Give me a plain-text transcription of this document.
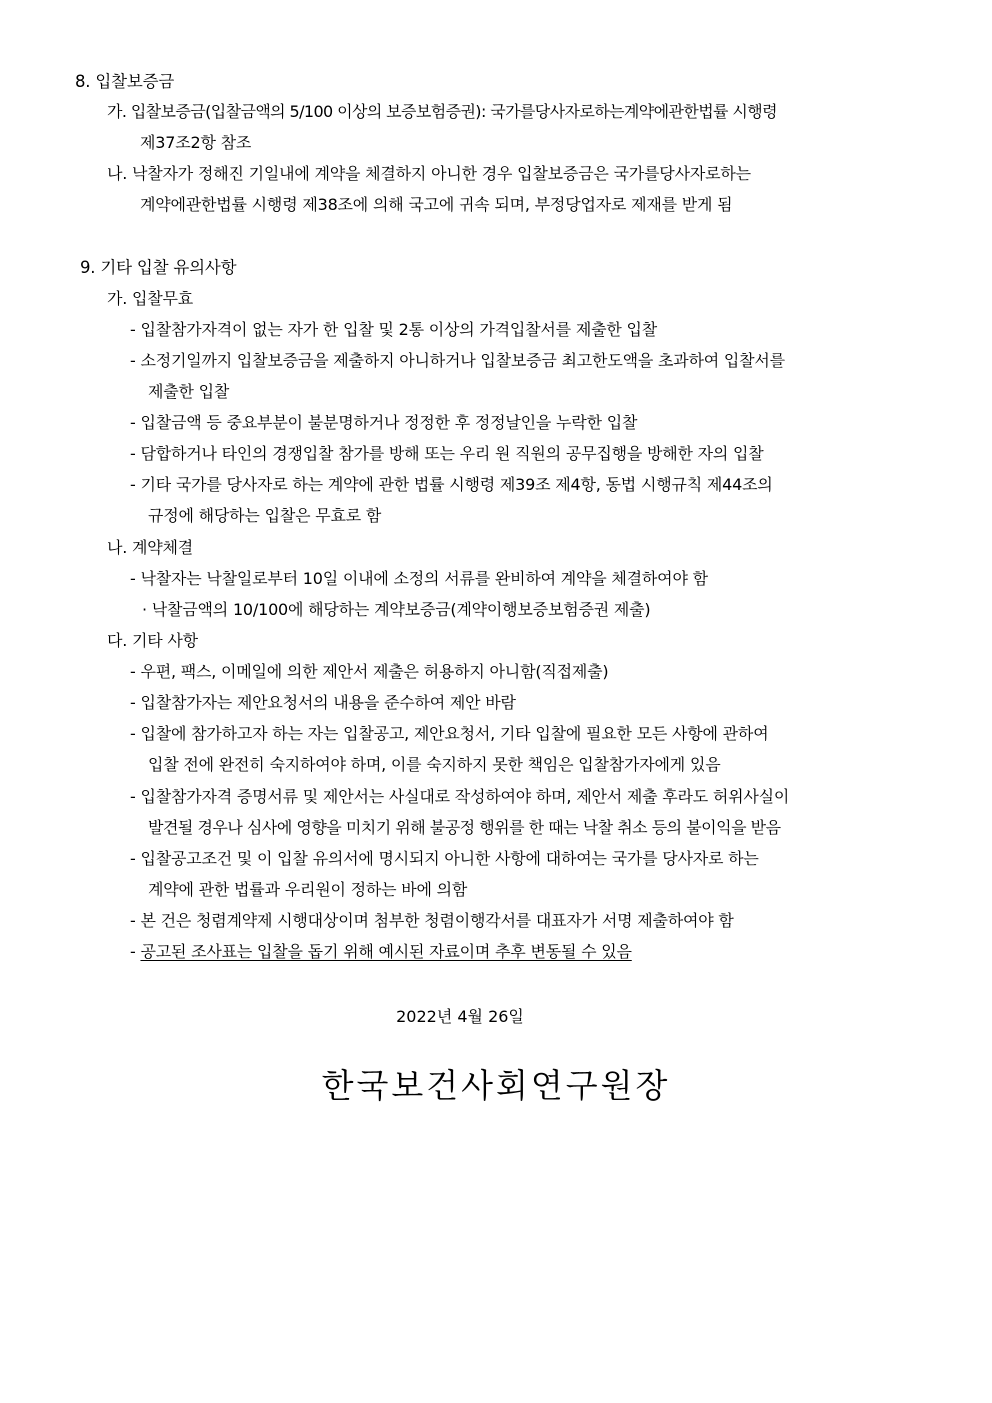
8. 입찰보증금
가. 입찰보증금(입찰금액의 5/100 이상의 보증보험증권): 국가를당사자로하는계약에관한법률 시행령
제37조2항 참조
나. 낙찰자가 정해진 기일내에 계약을 체결하지 아니한 경우 입찰보증금은 국가를당사자로하는
계약에관한법률 시행령 제38조에 의해 국고에 귀속 되며, 부정당업자로 제재를 받게 됨
9. 기타 입찰 유의사항
가. 입찰무효
- 입찰참가자격이 없는 자가 한 입찰 및 2통 이상의 가격입찰서를 제출한 입찰
- 소정기일까지 입찰보증금을 제출하지 아니하거나 입찰보증금 최고한도액을 초과하여 입찰서를
제출한 입찰
- 입찰금액 등 중요부분이 불분명하거나 정정한 후 정정날인을 누락한 입찰
- 담합하거나 타인의 경쟁입찰 참가를 방해 또는 우리 원 직원의 공무집행을 방해한 자의 입찰
- 기타 국가를 당사자로 하는 계약에 관한 법률 시행령 제39조 제4항, 동법 시행규칙 제44조의
규정에 해당하는 입찰은 무효로 함
나. 계약체결
- 낙찰자는 낙찰일로부터 10일 이내에 소정의 서류를 완비하여 계약을 체결하여야 함
· 낙찰금액의 10/100에 해당하는 계약보증금(계약이행보증보험증권 제출)
다. 기타 사항
- 우편, 팩스, 이메일에 의한 제안서 제출은 허용하지 아니함(직접제출)
- 입찰참가자는 제안요청서의 내용을 준수하여 제안 바람
- 입찰에 참가하고자 하는 자는 입찰공고, 제안요청서, 기타 입찰에 필요한 모든 사항에 관하여
입찰 전에 완전히 숙지하여야 하며, 이를 숙지하지 못한 책임은 입찰참가자에게 있음
- 입찰참가자격 증명서류 및 제안서는 사실대로 작성하여야 하며, 제안서 제출 후라도 허위사실이
발견될 경우나 심사에 영향을 미치기 위해 불공정 행위를 한 때는 낙찰 취소 등의 불이익을 받음
- 입찰공고조건 및 이 입찰 유의서에 명시되지 아니한 사항에 대하여는 국가를 당사자로 하는
계약에 관한 법률과 우리원이 정하는 바에 의함
- 본 건은 청렴계약제 시행대상이며 첨부한 청렴이행각서를 대표자가 서명 제출하여야 함
- 공고된 조사표는 입찰을 돕기 위해 예시된 자료이며 추후 변동될 수 있음
2022년 4월 26일
한국보건사회연구원장
